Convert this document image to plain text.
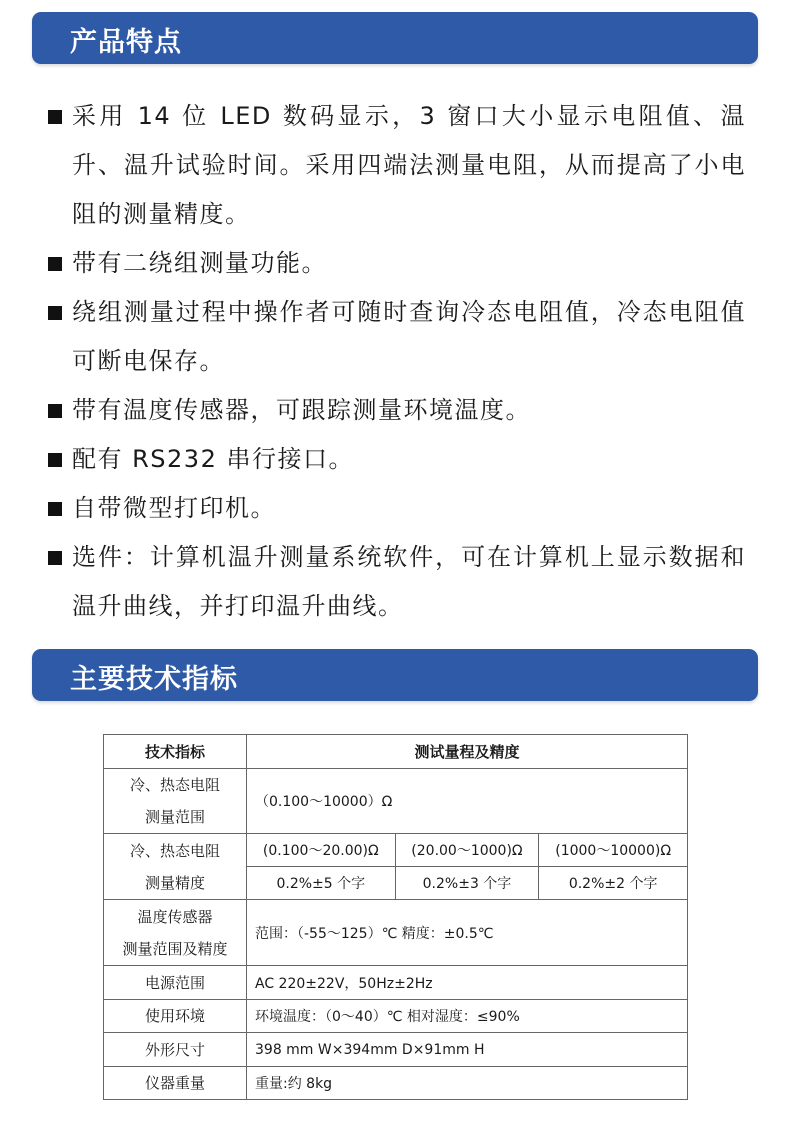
产品特点
采用 14 位 LED 数码显示，3 窗口大小显示电阻值、温升、温升试验时间。采用四端法测量电阻，从而提高了小电阻的测量精度。
带有二绕组测量功能。
绕组测量过程中操作者可随时查询冷态电阻值，冷态电阻值可断电保存。
带有温度传感器，可跟踪测量环境温度。
配有 RS232 串行接口。
自带微型打印机。
选件：计算机温升测量系统软件，可在计算机上显示数据和温升曲线，并打印温升曲线。
主要技术指标
技术指标	测试量程及精度		

冷、热态电阻
测量范围	（0.100～10000）Ω		

冷、热态电阻
测量精度	(0.100～20.00)Ω	(20.00～1000)Ω	(1000～10000)Ω
	0.2%±5 个字	0.2%±3 个字	0.2%±2 个字

温度传感器
测量范围及精度	范围：（-55～125）℃ 精度：±0.5℃		
电源范围	AC 220±22V，50Hz±2Hz		
使用环境	环境温度：（0～40）℃ 相对湿度：≤90%		
外形尺寸	398 mm W×394mm D×91mm H		
仪器重量	重量:约 8kg		
